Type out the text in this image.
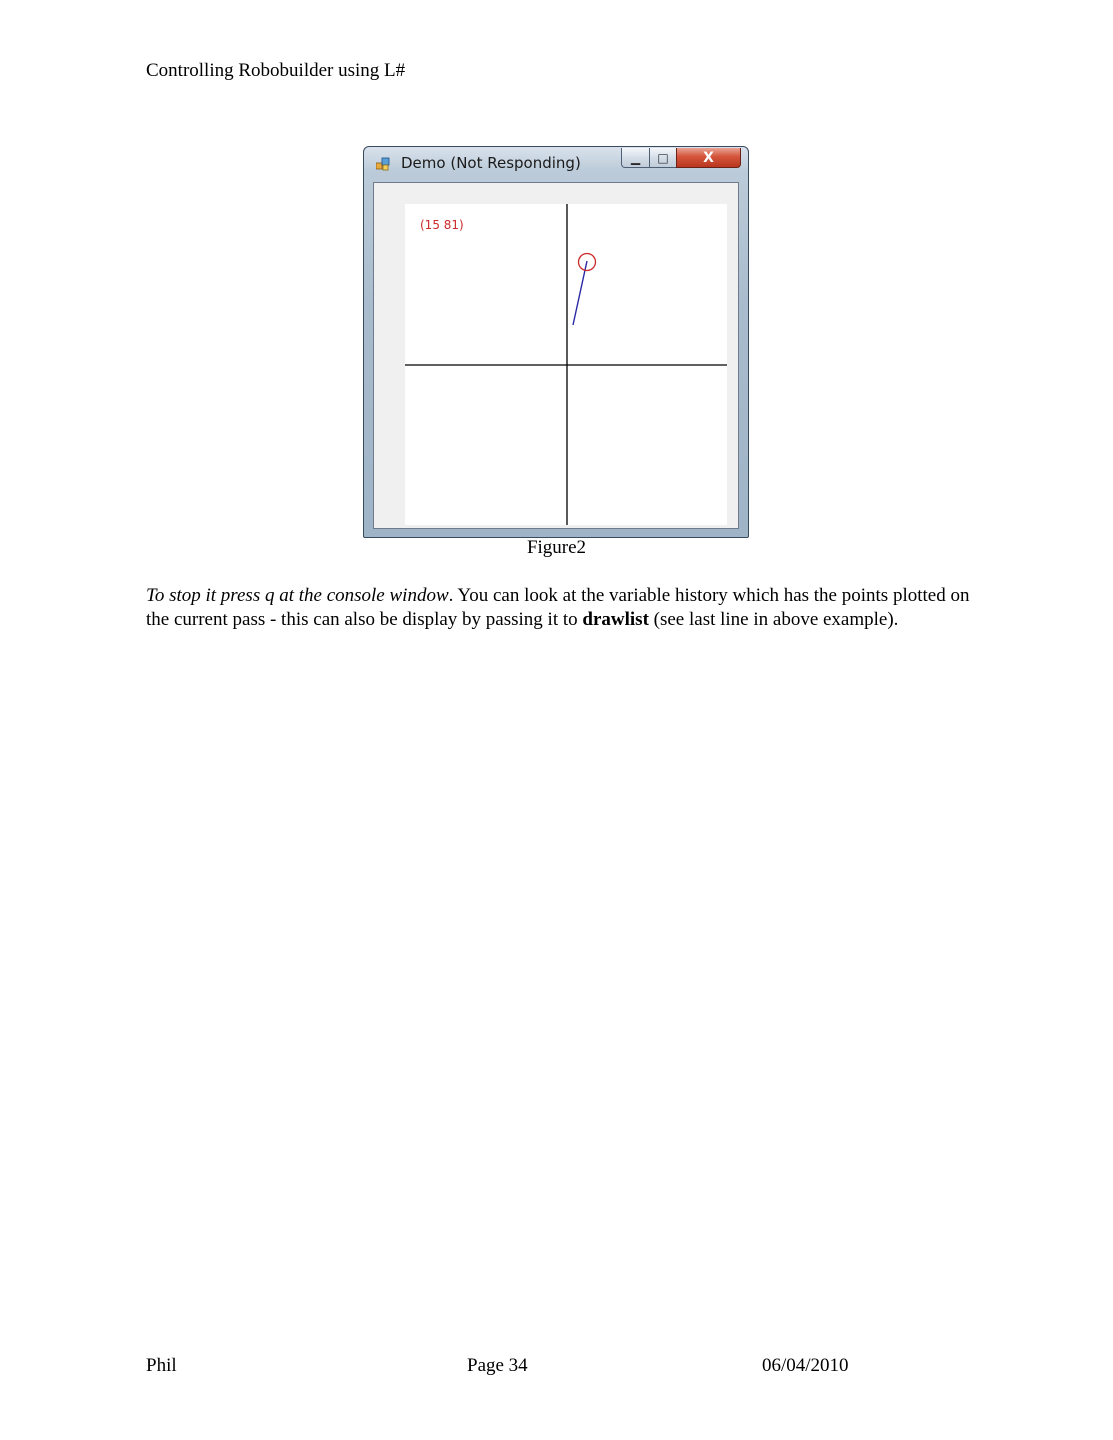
Controlling Robobuilder using L#
Demo (Not Responding)	▁	□	X
(15 81)
Figure2

To stop it press q at the console window. You can look at the variable history which has the points plotted on the current pass - this can also be display by passing it to drawlist (see last line in above example).

Phil	Page 34	06/04/2010
